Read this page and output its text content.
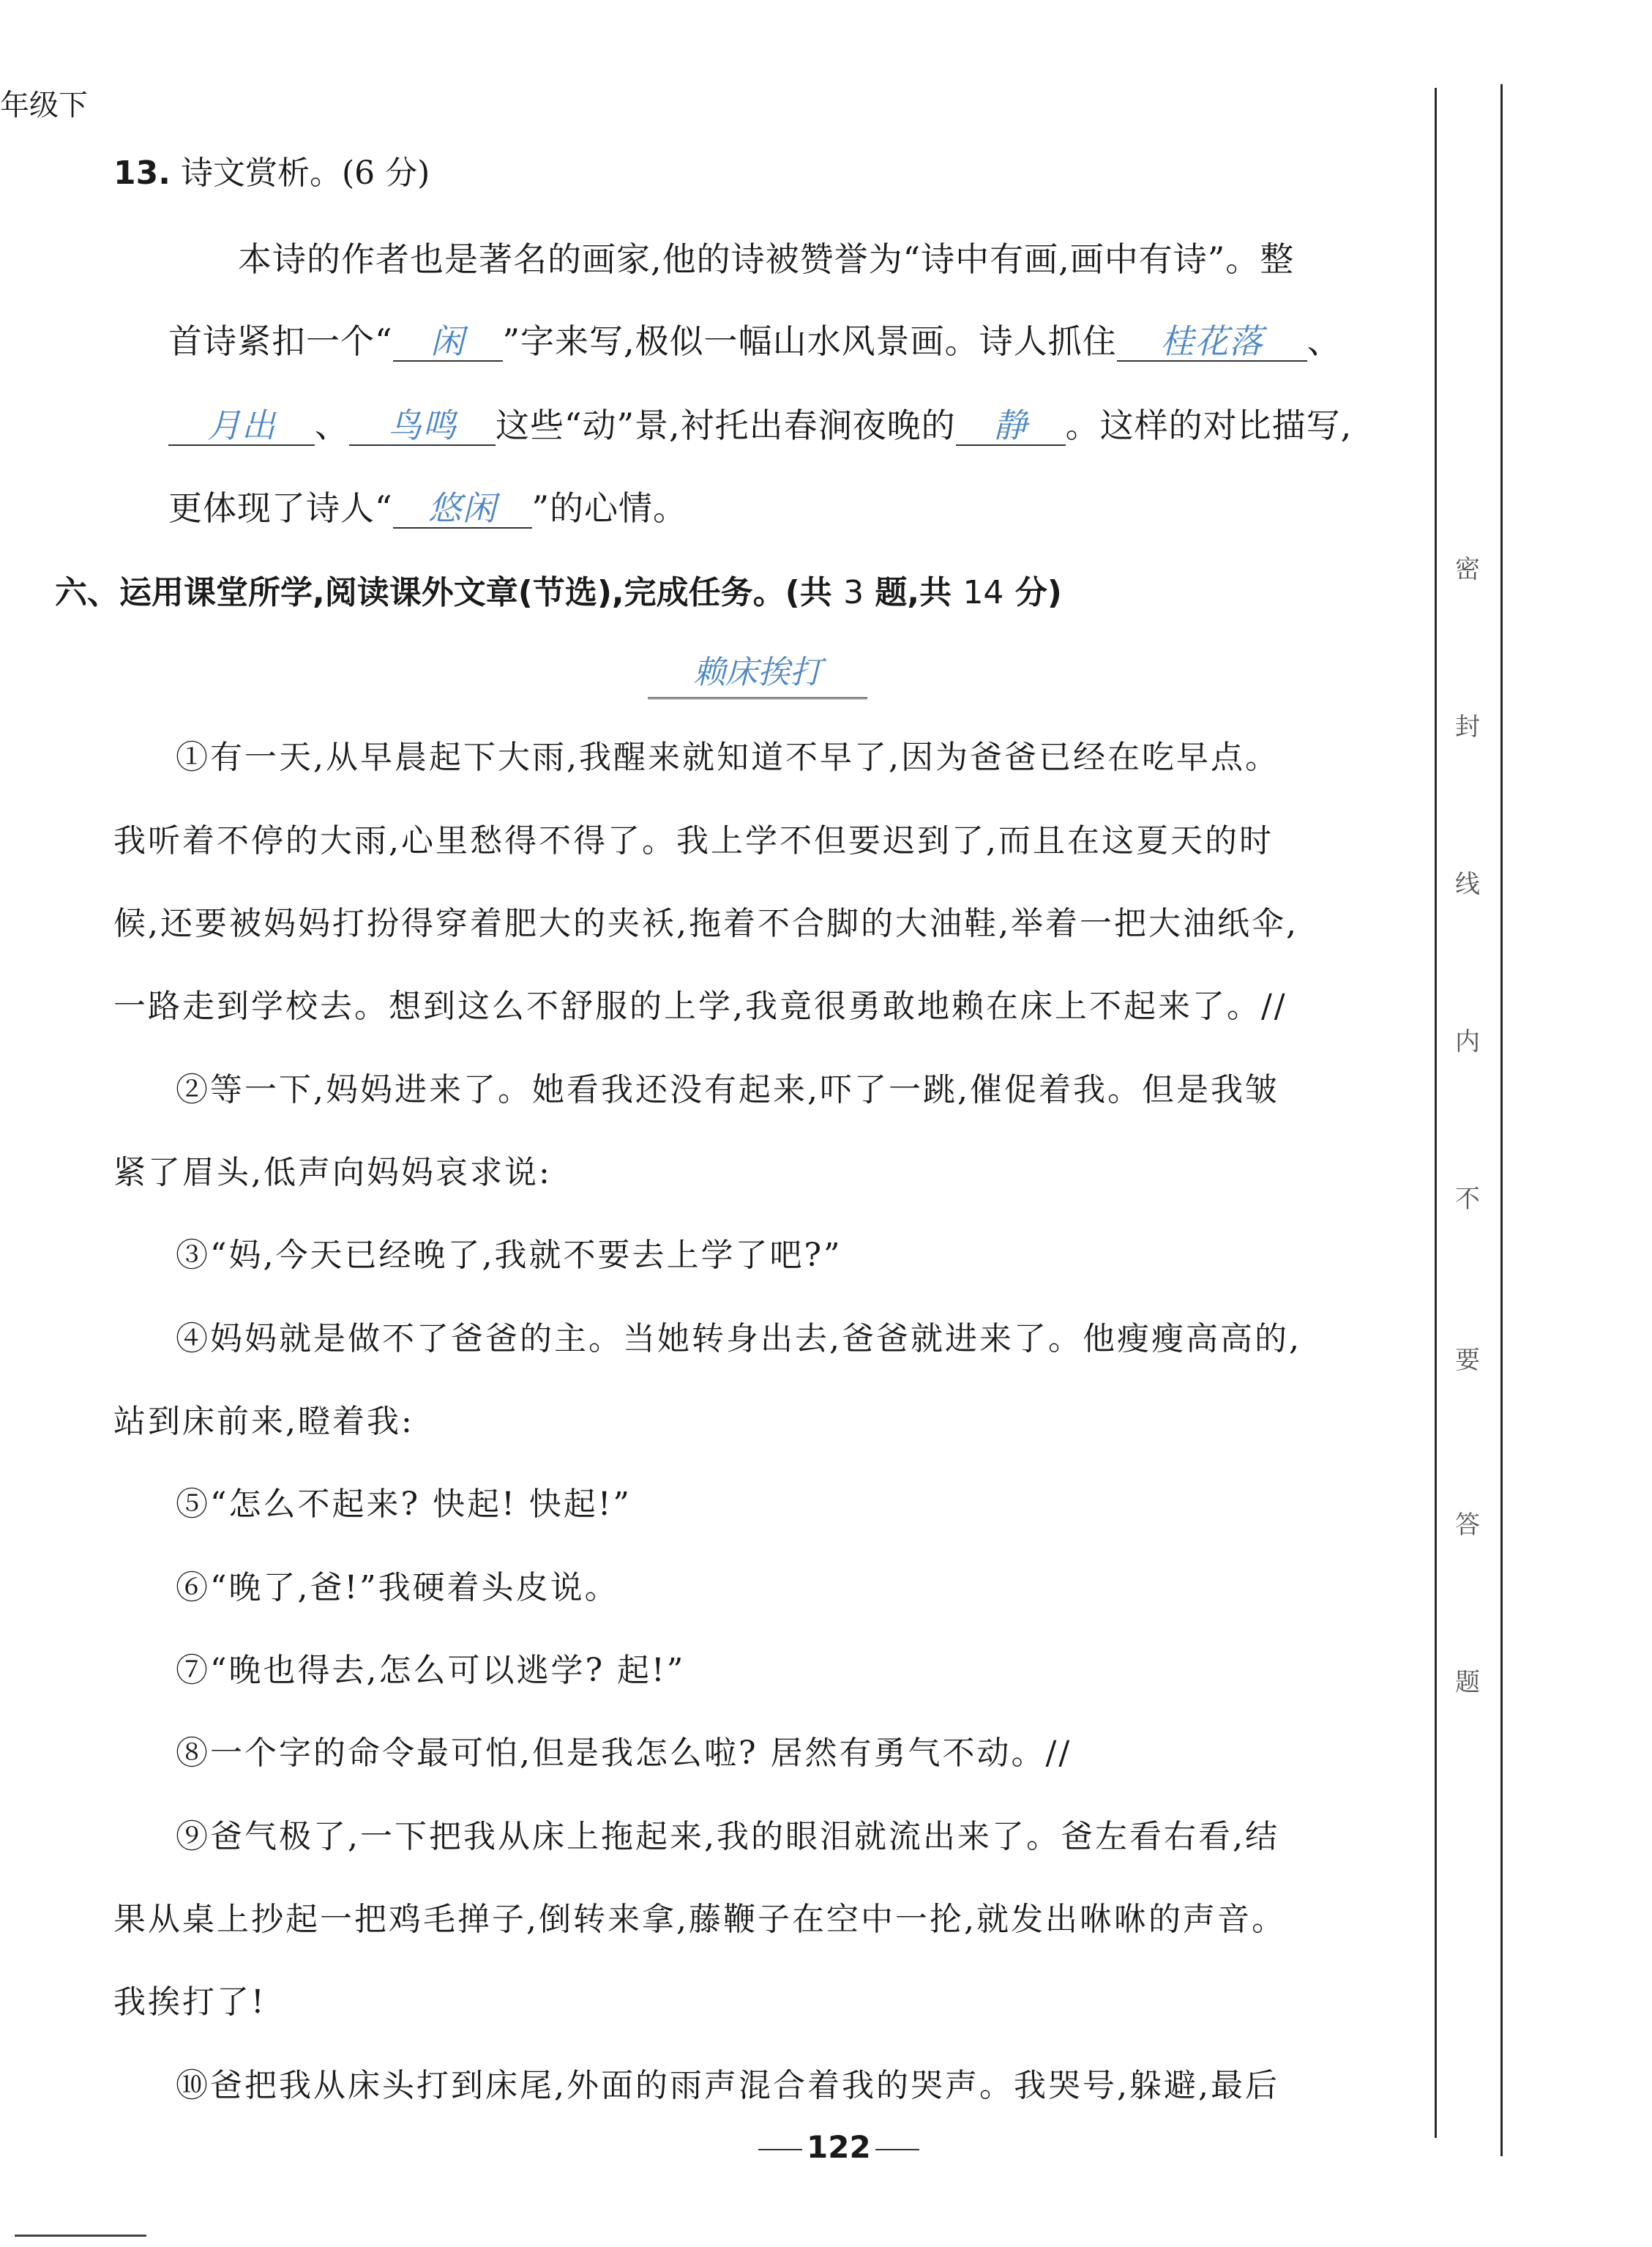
年级下
13. 诗文赏析。(6 分)
本诗的作者也是著名的画家,他的诗被赞誉为“诗中有画,画中有诗”。整
首诗紧扣一个“ 闲 ”字来写,极似一幅山水风景画。诗人抓住 桂花落 、
月出 、 鸟鸣 这些“动”景,衬托出春涧夜晚的 静 。这样的对比描写,
更体现了诗人“ 悠闲 ”的心情。
六、运用课堂所学,阅读课外文章(节选),完成任务。(共 3 题,共 14 分)
赖床挨打
①有一天,从早晨起下大雨,我醒来就知道不早了,因为爸爸已经在吃早点。
我听着不停的大雨,心里愁得不得了。我上学不但要迟到了,而且在这夏天的时
候,还要被妈妈打扮得穿着肥大的夹袄,拖着不合脚的大油鞋,举着一把大油纸伞,
一路走到学校去。想到这么不舒服的上学,我竟很勇敢地赖在床上不起来了。//
②等一下,妈妈进来了。她看我还没有起来,吓了一跳,催促着我。但是我皱
紧了眉头,低声向妈妈哀求说:
③“妈,今天已经晚了,我就不要去上学了吧?”
④妈妈就是做不了爸爸的主。当她转身出去,爸爸就进来了。他瘦瘦高高的,
站到床前来,瞪着我:
⑤“怎么不起来? 快起! 快起!”
⑥“晚了,爸!”我硬着头皮说。
⑦“晚也得去,怎么可以逃学? 起!”
⑧一个字的命令最可怕,但是我怎么啦? 居然有勇气不动。//
⑨爸气极了,一下把我从床上拖起来,我的眼泪就流出来了。爸左看右看,结
果从桌上抄起一把鸡毛掸子,倒转来拿,藤鞭子在空中一抡,就发出咻咻的声音。
我挨打了!
⑩爸把我从床头打到床尾,外面的雨声混合着我的哭声。我哭号,躲避,最后
122
密
封
线
内
不
要
答
题
